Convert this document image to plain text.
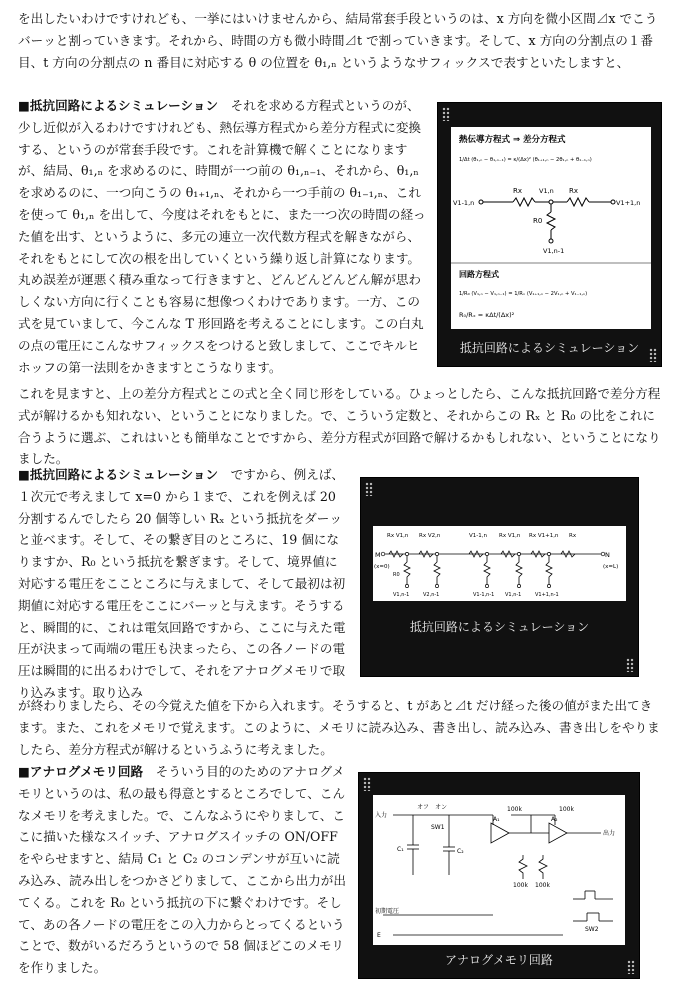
を出したいわけですけれども、一挙にはいけませんから、結局常套手段というのは、x 方向を微小区間⊿x でこうバーッと割っていきます。それから、時間の方も微小時間⊿t で割っていきます。そして、x 方向の分割点の１番目、t 方向の分割点の n 番目に対応する θ の位置を θ₁,ₙ というようなサフィックスで表すといたしますと、

■抵抗回路によるシミュレーション　 それを求める方程式というのが、少し近似が入るわけですけれども、熱伝導方程式から差分方程式に変換する、というのが常套手段です。これを計算機で解くことになりますが、結局、θ₁,ₙ を求めるのに、時間が一つ前の θ₁,ₙ₋₁、それから、θ₁,ₙ を求めるのに、一つ向こうの θ₁₊₁,ₙ、それから一つ手前の θ₁₋₁,ₙ、これを使って θ₁,ₙ を出して、今度はそれをもとに、また一つ次の時間の経った値を出す、というように、多元の連立一次代数方程式を解きながら、それをもとにして次の根を出していくという繰り返し計算になります。丸め誤差が運悪く積み重なって行きますと、どんどんどんどん解が思わしくない方向に行くことも容易に想像つくわけであります。一方、この式を見ていまして、今こんな T 形回路を考えることにします。この白丸の点の電圧にこんなサフィックスをつけると致しまして、ここでキルヒホッフの第一法則をかきますとこうなります。

熱伝導方程式 ⇒ 差分方程式
1/Δt (θ₁,ₙ − θ₁,ₙ₋₁) = κ/(Δx)² (θ₁₊₁,ₙ − 2θ₁,ₙ + θ₁₋₁,ₙ)
Rx	Rx
V1,n
V1-1,n	V1+1,n
R0
V1,n-1
回路方程式
1/R₀ (V₁,ₙ − V₁,ₙ₋₁) = 1/Rₓ (V₁₊₁,ₙ − 2V₁,ₙ + V₁₋₁,ₙ)
R₀/Rₓ = κΔt/(Δx)²
抵抗回路によるシミュレーション

これを見ますと、上の差分方程式とこの式と全く同じ形をしている。ひょっとしたら、こんな抵抗回路で差分方程式が解けるかも知れない、ということになりました。で、こういう定数と、それからこの Rₓ と R₀ の比をこれに合うように選ぶ、これはいとも簡単なことですから、差分方程式が回路で解けるかもしれない、ということになりました。

■抵抗回路によるシミュレーション　 ですから、例えば、１次元で考えまして x=0 から１まで、これを例えば 20 分割するんでしたら 20 個等しい Rₓ という抵抗をダーッと並べます。そして、その繋ぎ目のところに、19 個になりますか、R₀ という抵抗を繋ぎます。そして、境界値に対応する電圧をここところに与えまして、そして最初は初期値に対応する電圧をここにバーッと与えます。そうすると、瞬間的に、これは電気回路ですから、ここに与えた電圧が決まって両端の電圧も決まったら、この各ノードの電圧は瞬間的に出るわけでして、それをアナログメモリで取り込みます。取り込み

M
(x=0)
N
(x=L)
Rx V1,n Rx V2,n	V1-1,n Rx V1,n Rx V1+1,n Rx
R0
V1,n-1	V2,n-1	V1-1,n-1 V1,n-1	V1+1,n-1
抵抗回路によるシミュレーション

が終わりましたら、その今覚えた値を下から入れます。そうすると、t があと⊿t だけ経った後の値がまた出てきます。また、これをメモリで覚えます。このように、メモリに読み込み、書き出し、読み込み、書き出しをやりましたら、差分方程式が解けるというふうに考えました。

■アナログメモリ回路　 そういう目的のためのアナログメモリというのは、私の最も得意とするところでして、こんなメモリを考えました。で、こんなふうにやりまして、ここに描いた様なスイッチ、アナログスイッチの ON/OFF をやらせますと、結局 C₁ と C₂ のコンデンサが互いに読み込み、読み出しをつかさどりまして、ここから出力が出てくる。これを R₀ という抵抗の下に繋ぐわけです。そして、あの各ノードの電圧をこの入力からとってくるということで、数がいるだろうというので 58 個ほどこのメモリを作りました。

入力
出力
オフ オン
SW1
SW2
100k	100k
100k 100k
A₁	A₂
C₁	C₂
初期電圧
E
アナログメモリ回路
